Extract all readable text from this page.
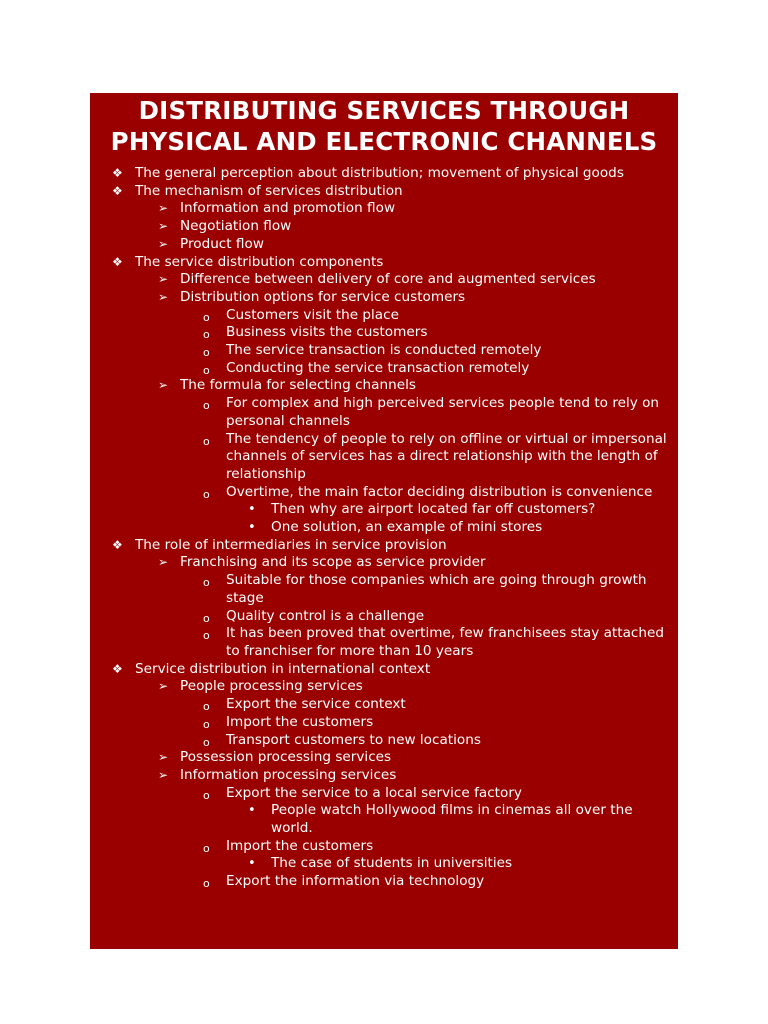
DISTRIBUTING SERVICES THROUGH PHYSICAL AND ELECTRONIC CHANNELS
❖ The general perception about distribution; movement of physical goods
❖ The mechanism of services distribution
➢ Information and promotion flow
➢ Negotiation flow
➢ Product flow
❖ The service distribution components
➢ Difference between delivery of core and augmented services
➢ Distribution options for service customers
o Customers visit the place
o Business visits the customers
o The service transaction is conducted remotely
o Conducting the service transaction remotely
➢ The formula for selecting channels
o For complex and high perceived services people tend to rely on personal channels
o The tendency of people to rely on offline or virtual or impersonal channels of services has a direct relationship with the length of relationship
o Overtime, the main factor deciding distribution is convenience
• Then why are airport located far off customers?
• One solution, an example of mini stores
❖ The role of intermediaries in service provision
➢ Franchising and its scope as service provider
o Suitable for those companies which are going through growth stage
o Quality control is a challenge
o It has been proved that overtime, few franchisees stay attached to franchiser for more than 10 years
❖ Service distribution in international context
➢ People processing services
o Export the service context
o Import the customers
o Transport customers to new locations
➢ Possession processing services
➢ Information processing services
o Export the service to a local service factory
• People watch Hollywood films in cinemas all over the world.
o Import the customers
• The case of students in universities
o Export the information via technology
